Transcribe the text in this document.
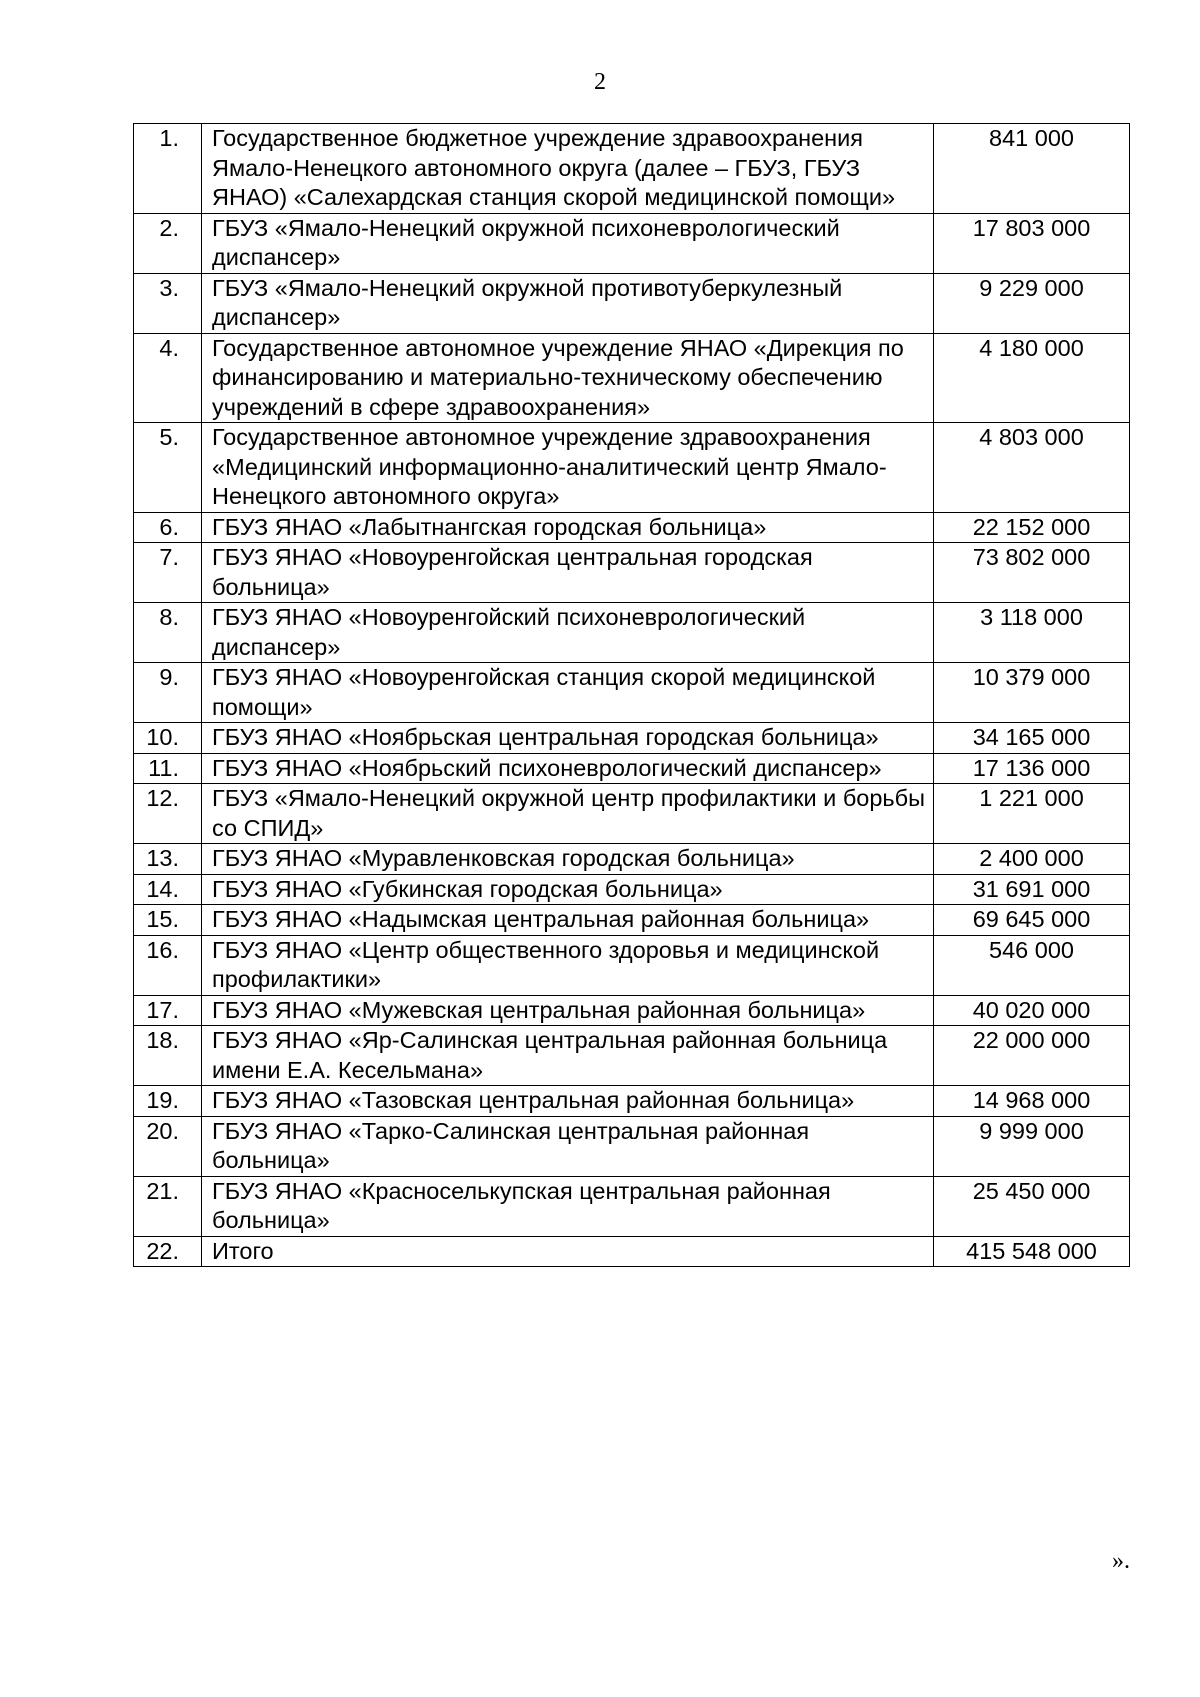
2
1.	Государственное бюджетное учреждение здравоохранения Ямало-Ненецкого автономного округа (далее – ГБУЗ, ГБУЗ ЯНАО) «Салехардская станция скорой медицинской помощи»	841 000
2.	ГБУЗ «Ямало-Ненецкий окружной психоневрологический диспансер»	17 803 000
3.	ГБУЗ «Ямало-Ненецкий окружной противотуберкулезный диспансер»	9 229 000
4.	Государственное автономное учреждение ЯНАО «Дирекция по финансированию и материально-техническому обеспечению учреждений в сфере здравоохранения»	4 180 000
5.	Государственное автономное учреждение здравоохранения «Медицинский информационно-аналитический центр Ямало-Ненецкого автономного округа»	4 803 000
6.	ГБУЗ ЯНАО «Лабытнангская городская больница»	22 152 000
7.	ГБУЗ ЯНАО «Новоуренгойская центральная городская больница»	73 802 000
8.	ГБУЗ ЯНАО «Новоуренгойский психоневрологический диспансер»	3 118 000
9.	ГБУЗ ЯНАО «Новоуренгойская станция скорой медицинской помощи»	10 379 000
10.	ГБУЗ ЯНАО «Ноябрьская центральная городская больница»	34 165 000
11.	ГБУЗ ЯНАО «Ноябрьский психоневрологический диспансер»	17 136 000
12.	ГБУЗ «Ямало-Ненецкий окружной центр профилактики и борьбы со СПИД»	1 221 000
13.	ГБУЗ ЯНАО «Муравленковская городская больница»	2 400 000
14.	ГБУЗ ЯНАО «Губкинская городская больница»	31 691 000
15.	ГБУЗ ЯНАО «Надымская центральная районная больница»	69 645 000
16.	ГБУЗ ЯНАО «Центр общественного здоровья и медицинской профилактики»	546 000
17.	ГБУЗ ЯНАО «Мужевская центральная районная больница»	40 020 000
18.	ГБУЗ ЯНАО «Яр-Салинская центральная районная больница имени Е.А. Кесельмана»	22 000 000
19.	ГБУЗ ЯНАО «Тазовская центральная районная больница»	14 968 000
20.	ГБУЗ ЯНАО «Тарко-Салинская центральная районная больница»	9 999 000
21.	ГБУЗ ЯНАО «Красноселькупская центральная районная больница»	25 450 000
22.	Итого	415 548 000
».
